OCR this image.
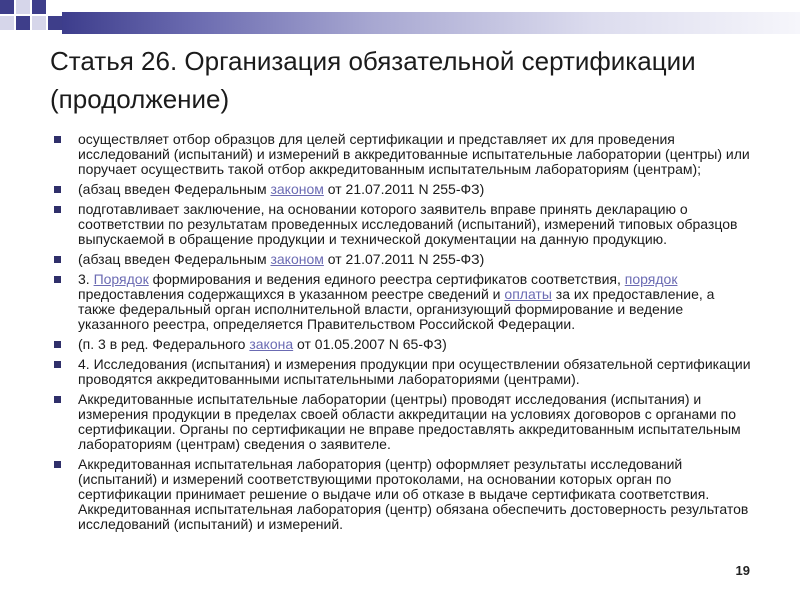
Статья 26. Организация обязательной сертификации (продолжение)
осуществляет отбор образцов для целей сертификации и представляет их для проведения исследований (испытаний) и измерений в аккредитованные испытательные лаборатории (центры) или поручает осуществить такой отбор аккредитованным испытательным лабораториям (центрам);
(абзац введен Федеральным законом от 21.07.2011 N 255-ФЗ)
подготавливает заключение, на основании которого заявитель вправе принять декларацию о соответствии по результатам проведенных исследований (испытаний), измерений типовых образцов выпускаемой в обращение продукции и технической документации на данную продукцию.
(абзац введен Федеральным законом от 21.07.2011 N 255-ФЗ)
3. Порядок формирования и ведения единого реестра сертификатов соответствия, порядок предоставления содержащихся в указанном реестре сведений и оплаты за их предоставление, а также федеральный орган исполнительной власти, организующий формирование и ведение указанного реестра, определяется Правительством Российской Федерации.
(п. 3 в ред. Федерального закона от 01.05.2007 N 65-ФЗ)
4. Исследования (испытания) и измерения продукции при осуществлении обязательной сертификации проводятся аккредитованными испытательными лабораториями (центрами).
Аккредитованные испытательные лаборатории (центры) проводят исследования (испытания) и измерения продукции в пределах своей области аккредитации на условиях договоров с органами по сертификации. Органы по сертификации не вправе предоставлять аккредитованным испытательным лабораториям (центрам) сведения о заявителе.
Аккредитованная испытательная лаборатория (центр) оформляет результаты исследований (испытаний) и измерений соответствующими протоколами, на основании которых орган по сертификации принимает решение о выдаче или об отказе в выдаче сертификата соответствия. Аккредитованная испытательная лаборатория (центр) обязана обеспечить достоверность результатов исследований (испытаний) и измерений.
19
